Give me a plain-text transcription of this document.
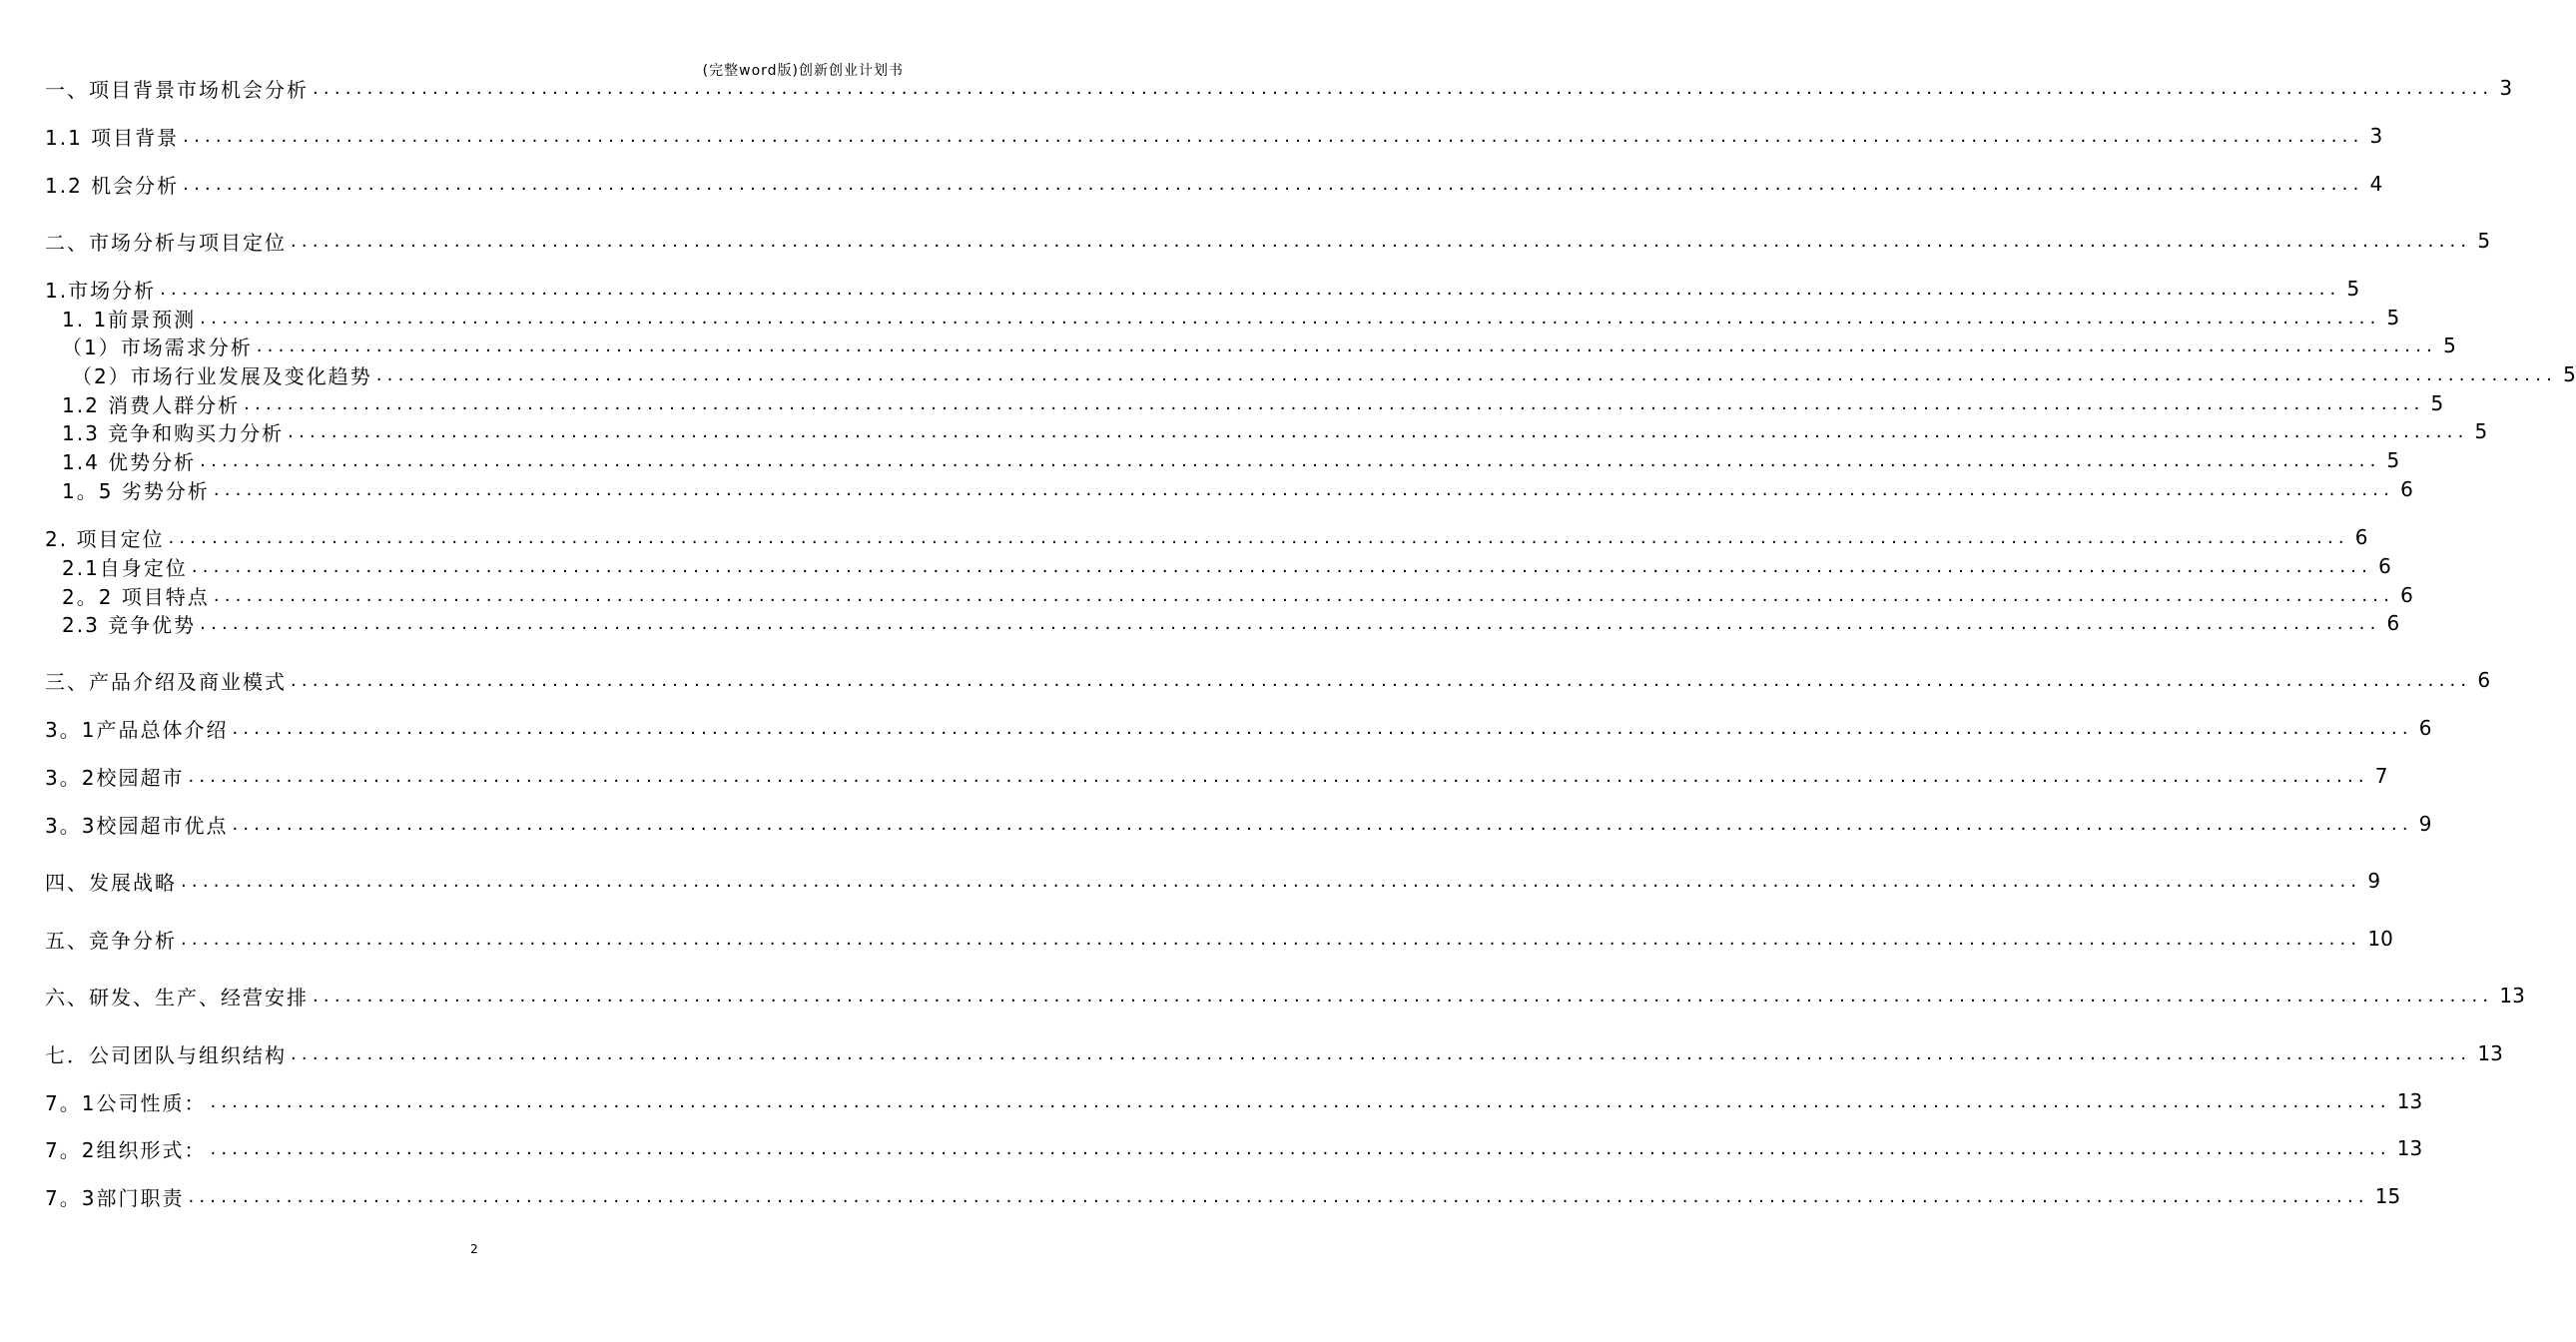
(完整word版)创新创业计划书
一、项目背景市场机会分析 ........................................................................................................................................................................................................ 3
1.1 项目背景 ........................................................................................................................................................................................................ 3
1.2 机会分析 ........................................................................................................................................................................................................ 4
二、市场分析与项目定位 ........................................................................................................................................................................................................ 5
1.市场分析 ........................................................................................................................................................................................................ 5
1. 1前景预测 ........................................................................................................................................................................................................ 5
（1）市场需求分析 ........................................................................................................................................................................................................ 5
（2）市场行业发展及变化趋势 ........................................................................................................................................................................................................ 5
1.2 消费人群分析 ........................................................................................................................................................................................................ 5
1.3 竞争和购买力分析 ........................................................................................................................................................................................................ 5
1.4 优势分析 ........................................................................................................................................................................................................ 5
1。5 劣势分析 ........................................................................................................................................................................................................ 6
2. 项目定位 ........................................................................................................................................................................................................ 6
2.1自身定位 ........................................................................................................................................................................................................ 6
2。2 项目特点 ........................................................................................................................................................................................................ 6
2.3 竞争优势 ........................................................................................................................................................................................................ 6
三、产品介绍及商业模式 ........................................................................................................................................................................................................ 6
3。1产品总体介绍 ........................................................................................................................................................................................................ 6
3。2校园超市 ........................................................................................................................................................................................................ 7
3。3校园超市优点 ........................................................................................................................................................................................................ 9
四、发展战略 ........................................................................................................................................................................................................ 9
五、竞争分析 ........................................................................................................................................................................................................ 10
六、研发、生产、经营安排 ........................................................................................................................................................................................................ 13
七．公司团队与组织结构 ........................................................................................................................................................................................................ 13
7。1公司性质： ........................................................................................................................................................................................................ 13
7。2组织形式： ........................................................................................................................................................................................................ 13
7。3部门职责 ........................................................................................................................................................................................................ 15
2
